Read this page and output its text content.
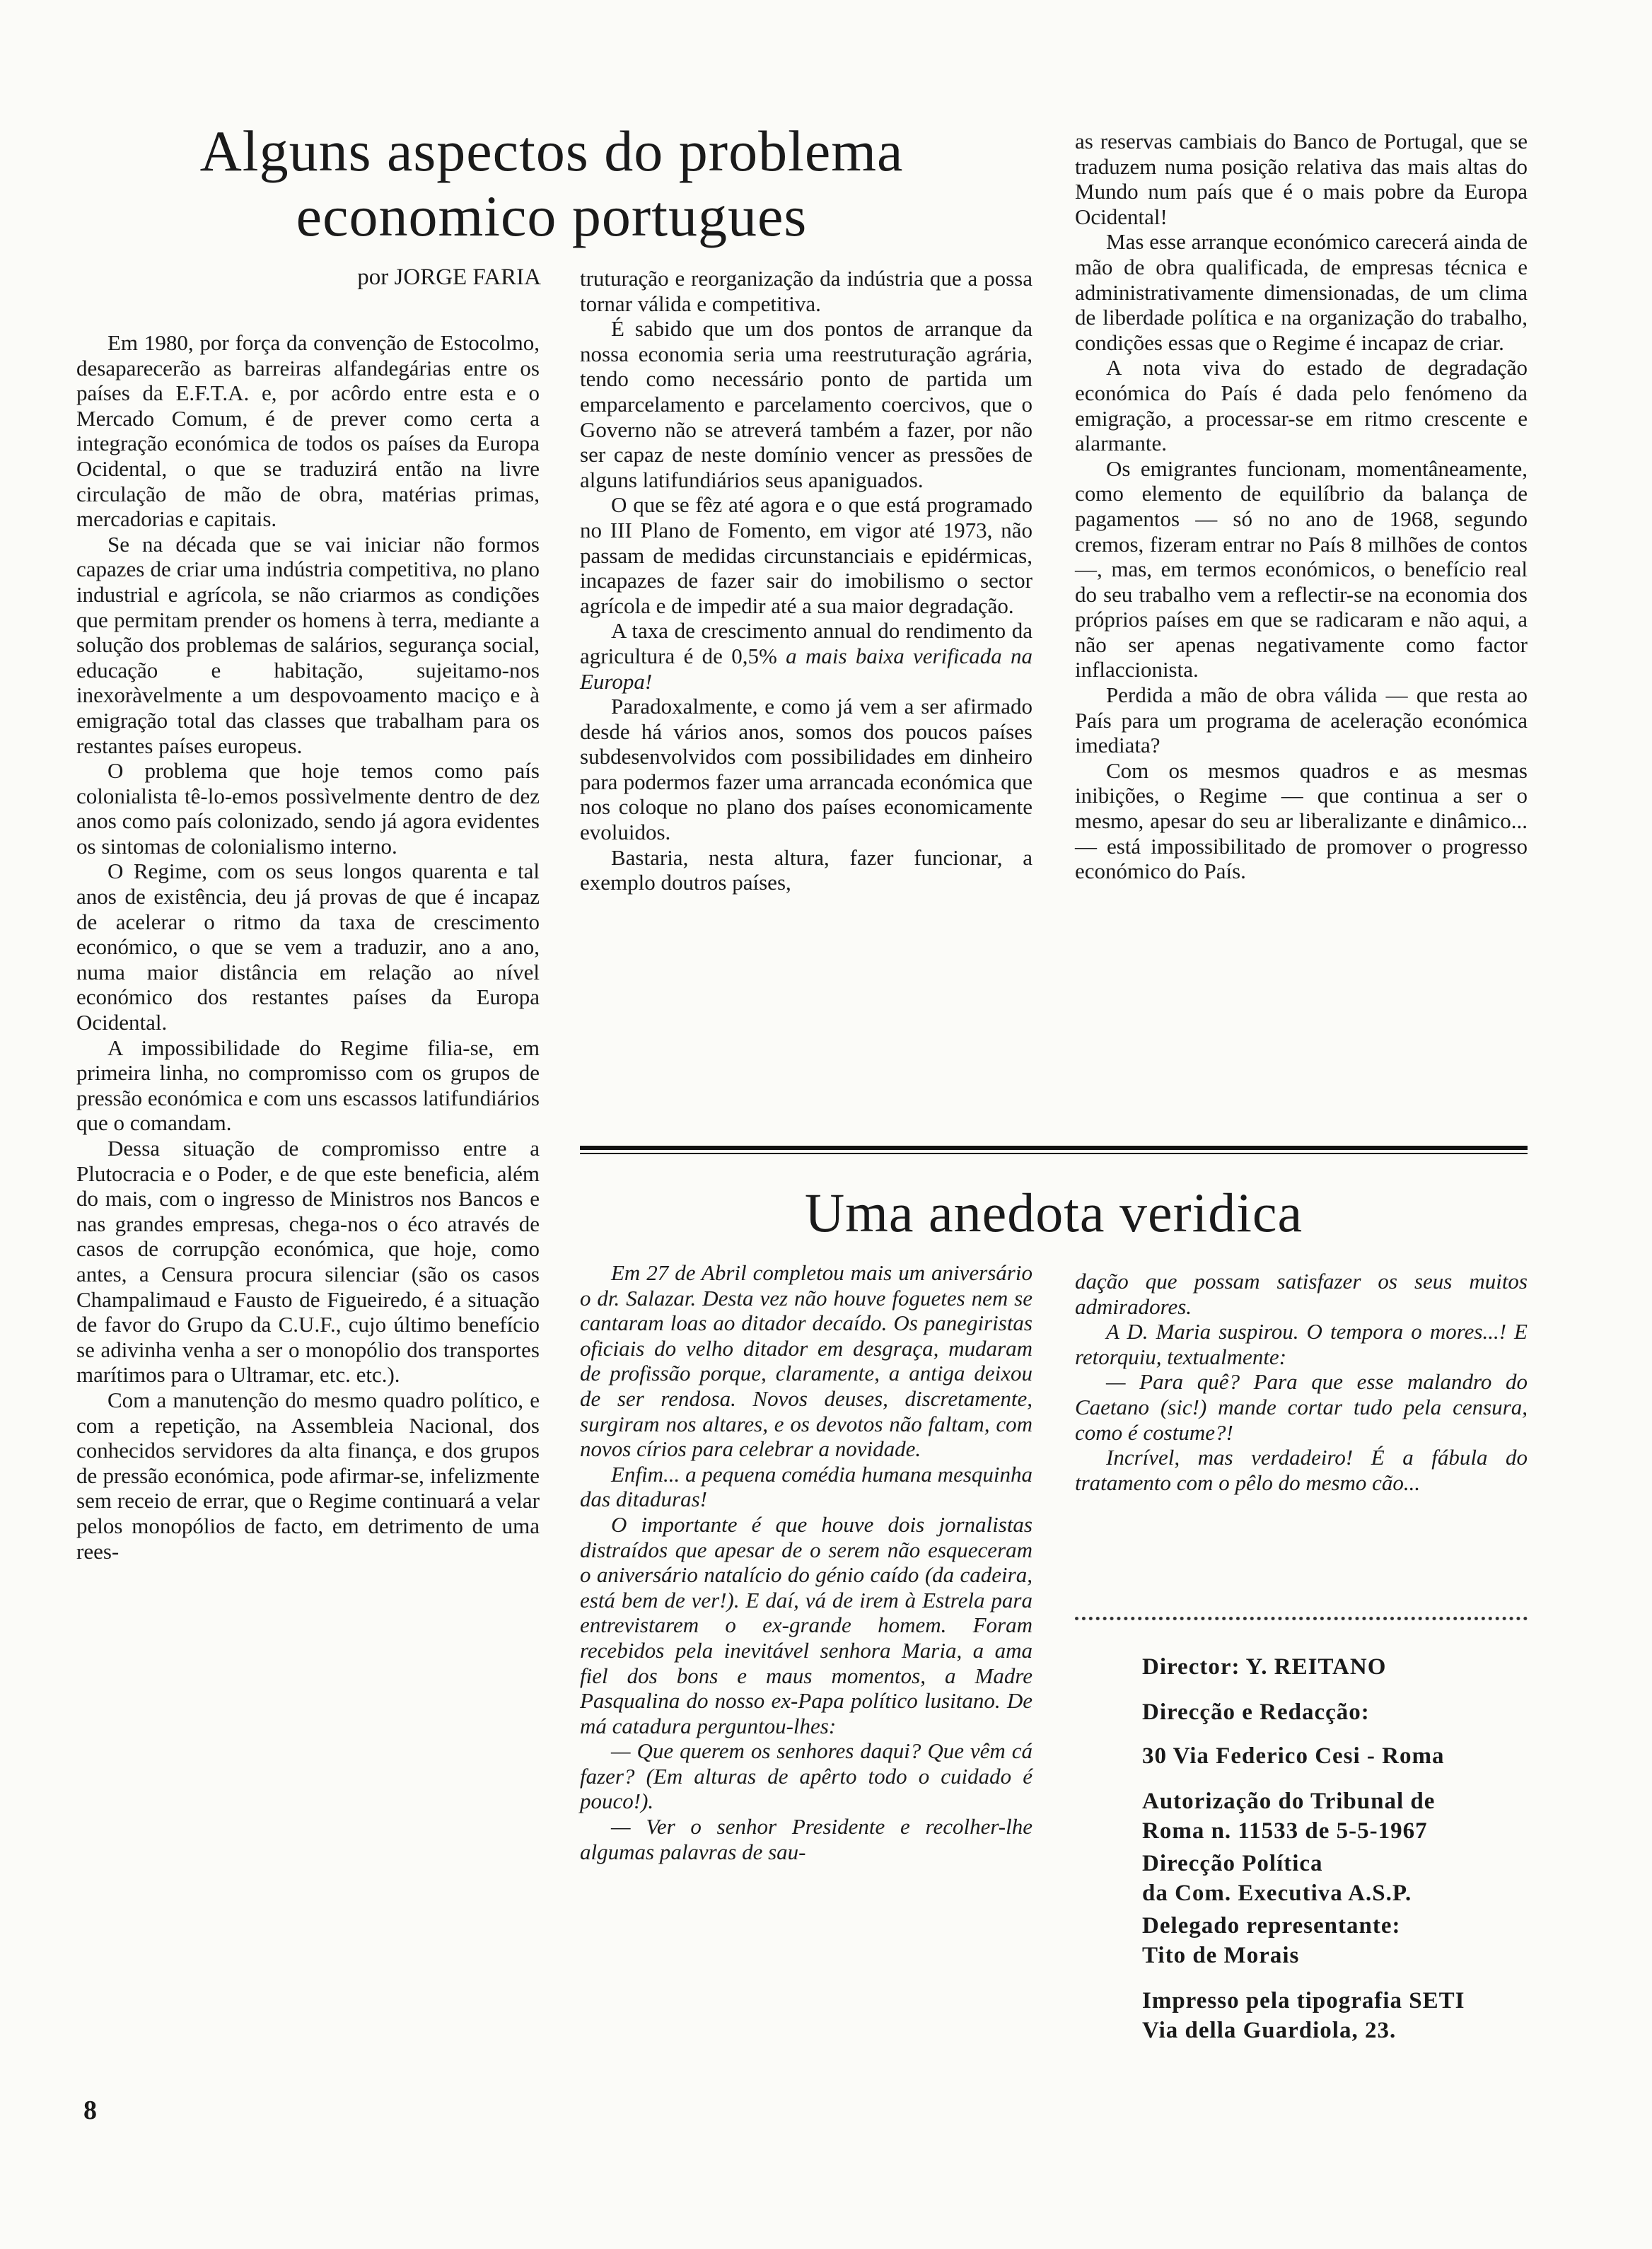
Alguns aspectos do problema
economico portugues
por JORGE FARIA

Em 1980, por força da convenção de Estocolmo, desaparecerão as barreiras alfandegárias entre os países da E.F.T.A. e, por acôrdo entre esta e o Mercado Comum, é de prever como certa a integração económica de todos os países da Europa Ocidental, o que se traduzirá então na livre circulação de mão de obra, matérias primas, mercadorias e capitais.

Se na década que se vai iniciar não formos capazes de criar uma indústria competitiva, no plano industrial e agrícola, se não criarmos as condições que permitam prender os homens à terra, mediante a solução dos problemas de salários, segurança social, educação e habitação, sujeitamo-nos inexoràvelmente a um despovoamento maciço e à emigração total das classes que trabalham para os restantes países europeus.

O problema que hoje temos como país colonialista tê-lo-emos possìvelmente dentro de dez anos como país colonizado, sendo já agora evidentes os sintomas de colonialismo interno.

O Regime, com os seus longos quarenta e tal anos de existência, deu já provas de que é incapaz de acelerar o ritmo da taxa de crescimento económico, o que se vem a traduzir, ano a ano, numa maior distância em relação ao nível económico dos restantes países da Europa Ocidental.

A impossibilidade do Regime filia-se, em primeira linha, no compromisso com os grupos de pressão económica e com uns escassos latifundiários que o comandam.

Dessa situação de compromisso entre a Plutocracia e o Poder, e de que este beneficia, além do mais, com o ingresso de Ministros nos Bancos e nas grandes empresas, chega-nos o éco através de casos de corrupção económica, que hoje, como antes, a Censura procura silenciar (são os casos Champalimaud e Fausto de Figueiredo, é a situação de favor do Grupo da C.U.F., cujo último benefício se adivinha venha a ser o monopólio dos transportes marítimos para o Ultramar, etc. etc.).

Com a manutenção do mesmo quadro político, e com a repetição, na Assembleia Nacional, dos conhecidos servidores da alta finança, e dos grupos de pressão económica, pode afirmar-se, infelizmente sem receio de errar, que o Regime continuará a velar pelos monopólios de facto, em detrimento de uma rees-

truturação e reorganização da indústria que a possa tornar válida e competitiva.

É sabido que um dos pontos de arranque da nossa economia seria uma reestruturação agrária, tendo como necessário ponto de partida um emparcelamento e parcelamento coercivos, que o Governo não se atreverá também a fazer, por não ser capaz de neste domínio vencer as pressões de alguns latifundiários seus apaniguados.

O que se fêz até agora e o que está programado no III Plano de Fomento, em vigor até 1973, não passam de medidas circunstanciais e epidérmicas, incapazes de fazer sair do imobilismo o sector agrícola e de impedir até a sua maior degradação.

A taxa de crescimento annual do rendimento da agricultura é de 0,5% a mais baixa verificada na Europa!

Paradoxalmente, e como já vem a ser afirmado desde há vários anos, somos dos poucos países subdesenvolvidos com possibilidades em dinheiro para podermos fazer uma arrancada económica que nos coloque no plano dos países economicamente evoluidos.

Bastaria, nesta altura, fazer funcionar, a exemplo doutros países,

as reservas cambiais do Banco de Portugal, que se traduzem numa posição relativa das mais altas do Mundo num país que é o mais pobre da Europa Ocidental!

Mas esse arranque económico carecerá ainda de mão de obra qualificada, de empresas técnica e administrativamente dimensionadas, de um clima de liberdade política e na organização do trabalho, condições essas que o Regime é incapaz de criar.

A nota viva do estado de degradação económica do País é dada pelo fenómeno da emigração, a processar-se em ritmo crescente e alarmante.

Os emigrantes funcionam, momentâneamente, como elemento de equilíbrio da balança de pagamentos — só no ano de 1968, segundo cremos, fizeram entrar no País 8 milhões de contos —, mas, em termos económicos, o benefício real do seu trabalho vem a reflectir-se na economia dos próprios países em que se radicaram e não aqui, a não ser apenas negativamente como factor inflaccionista.

Perdida a mão de obra válida — que resta ao País para um programa de aceleração económica imediata?

Com os mesmos quadros e as mesmas inibições, o Regime — que continua a ser o mesmo, apesar do seu ar liberalizante e dinâmico... — está impossibilitado de promover o progresso económico do País.

Uma anedota veridica

Em 27 de Abril completou mais um aniversário o dr. Salazar. Desta vez não houve foguetes nem se cantaram loas ao ditador decaído. Os panegiristas oficiais do velho ditador em desgraça, mudaram de profissão porque, claramente, a antiga deixou de ser rendosa. Novos deuses, discretamente, surgiram nos altares, e os devotos não faltam, com novos círios para celebrar a novidade.

Enfim... a pequena comédia humana mesquinha das ditaduras!

O importante é que houve dois jornalistas distraídos que apesar de o serem não esqueceram o aniversário natalício do génio caído (da cadeira, está bem de ver!). E daí, vá de irem à Estrela para entrevistarem o ex-grande homem. Foram recebidos pela inevitável senhora Maria, a ama fiel dos bons e maus momentos, a Madre Pasqualina do nosso ex-Papa político lusitano. De má catadura perguntou-lhes:

— Que querem os senhores daqui? Que vêm cá fazer? (Em alturas de apêrto todo o cuidado é pouco!).

— Ver o senhor Presidente e recolher-lhe algumas palavras de sau-

dação que possam satisfazer os seus muitos admiradores.

A D. Maria suspirou. O tempora o mores...! E retorquiu, textualmente:

— Para quê? Para que esse malandro do Caetano (sic!) mande cortar tudo pela censura, como é costume?!

Incrível, mas verdadeiro! É a fábula do tratamento com o pêlo do mesmo cão...

Director: Y. REITANO
Direcção e Redacção:
30 Via Federico Cesi - Roma
Autorização do Tribunal de
Roma n. 11533 de 5-5-1967
Direcção Política
da Com. Executiva A.S.P.
Delegado representante:
Tito de Morais
Impresso pela tipografia SETI
Via della Guardiola, 23.
8
